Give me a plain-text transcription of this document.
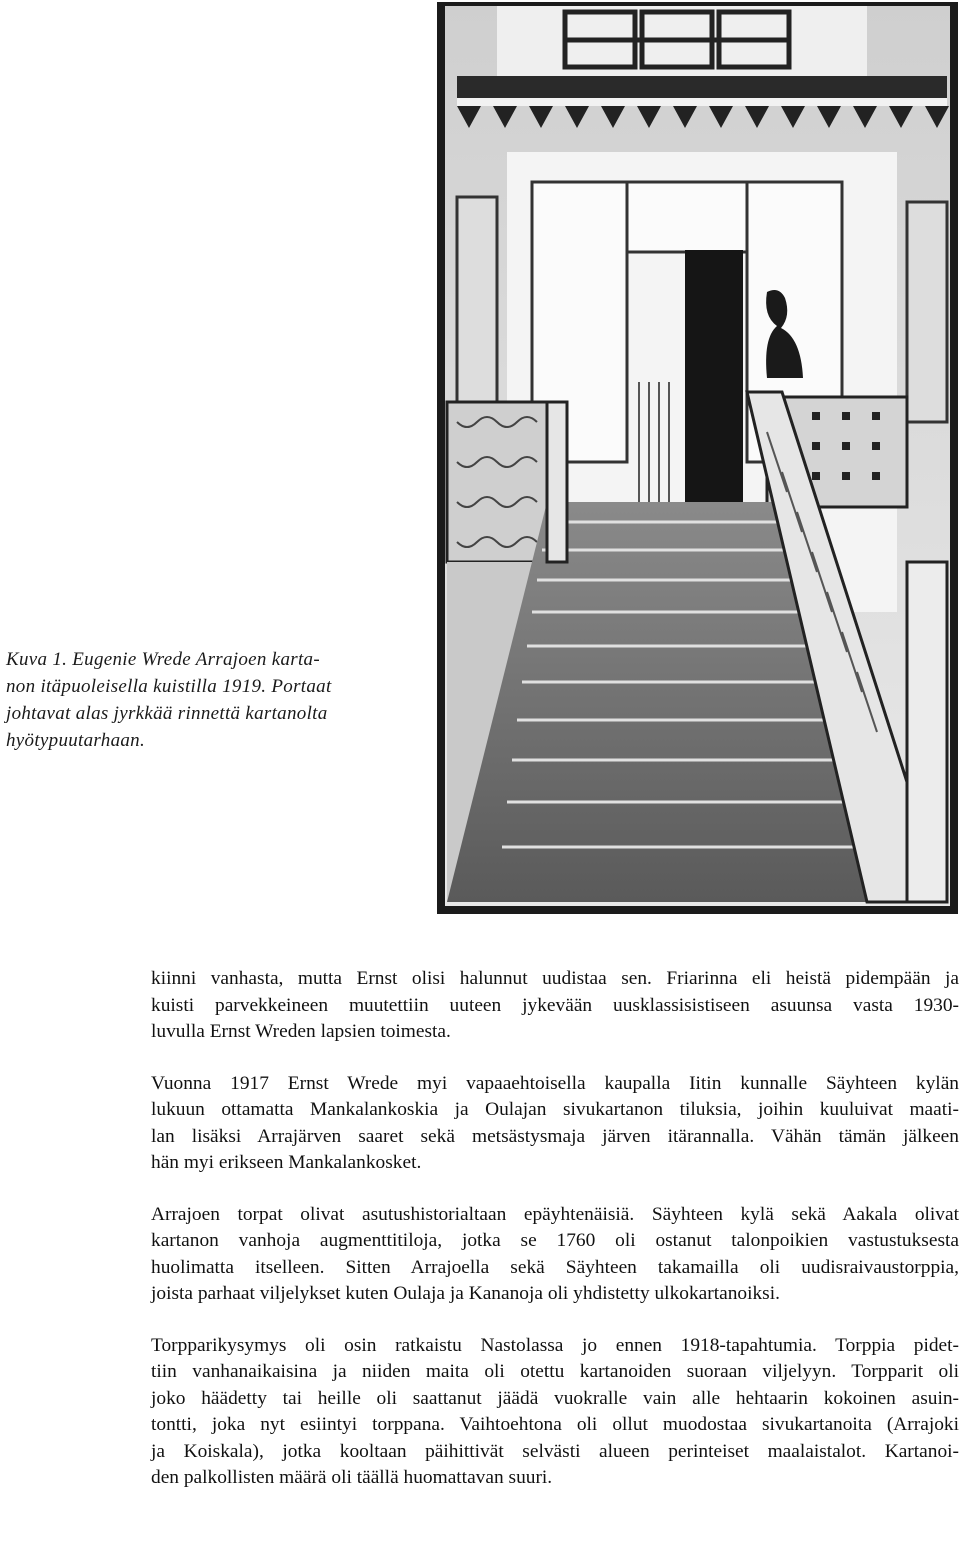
Kuva 1. Eugenie Wrede Arrajoen karta-
non itäpuoleisella kuistilla 1919. Portaat
johtavat alas jyrkkää rinnettä kartanolta
hyötypuutarhaan.

kiinni vanhasta, mutta Ernst olisi halunnut uudistaa sen. Friarinna eli heistä pidempään ja
kuisti parvekkeineen muutettiin uuteen jykevään uusklassisistiseen asuunsa vasta 1930-
luvulla Ernst Wreden lapsien toimesta.

Vuonna 1917 Ernst Wrede myi vapaaehtoisella kaupalla Iitin kunnalle Säyhteen kylän
lukuun ottamatta Mankalankoskia ja Oulajan sivukartanon tiluksia, joihin kuuluivat maati-
lan lisäksi Arrajärven saaret sekä metsästysmaja järven itärannalla. Vähän tämän jälkeen
hän myi erikseen Mankalankosket.

Arrajoen torpat olivat asutushistorialtaan epäyhtenäisiä. Säyhteen kylä sekä Aakala olivat
kartanon vanhoja augmenttitiloja, jotka se 1760 oli ostanut talonpoikien vastustuksesta
huolimatta itselleen. Sitten Arrajoella sekä Säyhteen takamailla oli uudisraivaustorppia,
joista parhaat viljelykset kuten Oulaja ja Kananoja oli yhdistetty ulkokartanoiksi.

Torpparikysymys oli osin ratkaistu Nastolassa jo ennen 1918-tapahtumia. Torppia pidet-
tiin vanhanaikaisina ja niiden maita oli otettu kartanoiden suoraan viljelyyn. Torpparit oli
joko häädetty tai heille oli saattanut jäädä vuokralle vain alle hehtaarin kokoinen asuin-
tontti, joka nyt esiintyi torppana. Vaihtoehtona oli ollut muodostaa sivukartanoita (Arrajoki
ja Koiskala), jotka kooltaan päihittivät selvästi alueen perinteiset maalaistalot. Kartanoi-
den palkollisten määrä oli täällä huomattavan suuri.
